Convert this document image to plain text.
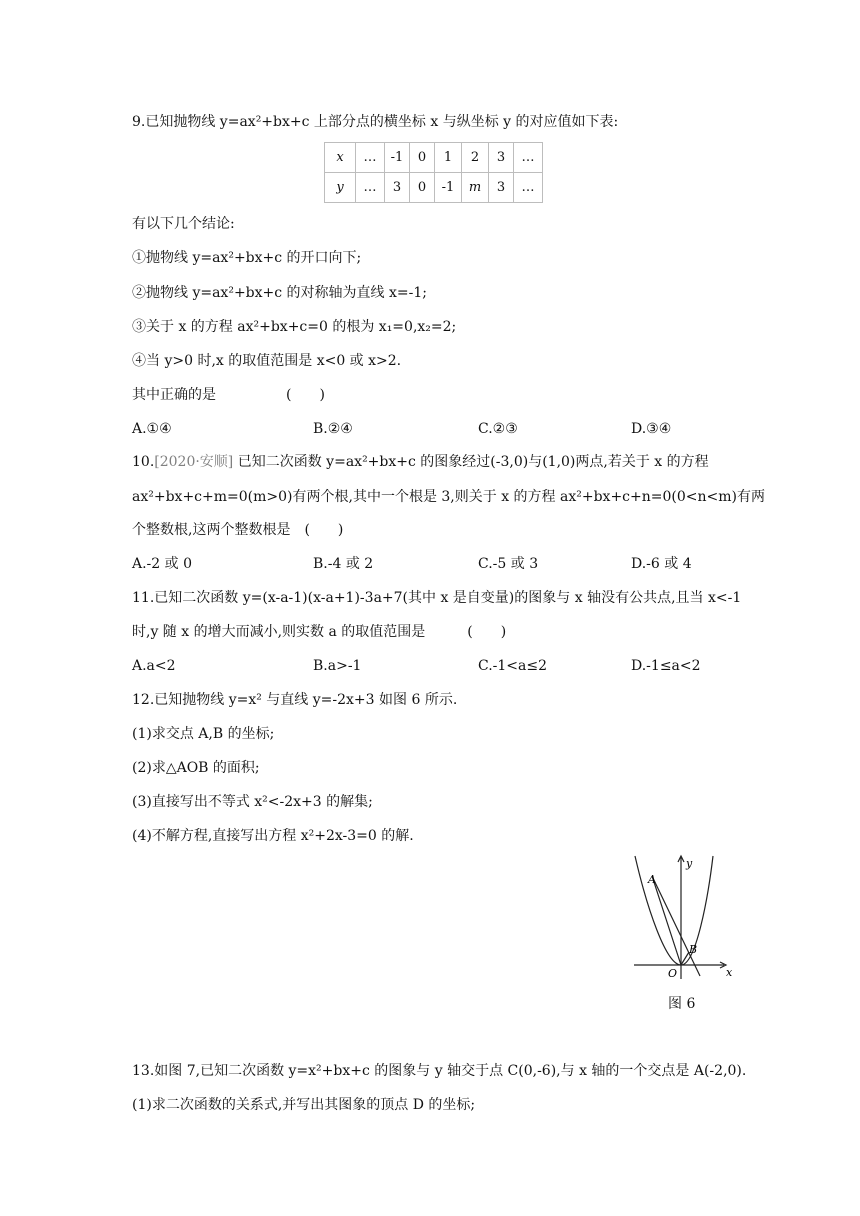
9.已知抛物线 y=ax²+bx+c 上部分点的横坐标 x 与纵坐标 y 的对应值如下表:
x	…	-1	0	1	2	3	…
y	…	3	0	-1	m	3	…
有以下几个结论:
①抛物线 y=ax²+bx+c 的开口向下;
②抛物线 y=ax²+bx+c 的对称轴为直线 x=-1;
③关于 x 的方程 ax²+bx+c=0 的根为 x₁=0,x₂=2;
④当 y>0 时,x 的取值范围是 x<0 或 x>2.
其中正确的是　　　　　(　　)
A.①④	B.②④	C.②③	D.③④
10.[2020·安顺] 已知二次函数 y=ax²+bx+c 的图象经过(-3,0)与(1,0)两点,若关于 x 的方程
ax²+bx+c+m=0(m>0)有两个根,其中一个根是 3,则关于 x 的方程 ax²+bx+c+n=0(0<n<m)有两
个整数根,这两个整数根是　(　　)
A.-2 或 0	B.-4 或 2	C.-5 或 3	D.-6 或 4
11.已知二次函数 y=(x-a-1)(x-a+1)-3a+7(其中 x 是自变量)的图象与 x 轴没有公共点,且当 x<-1
时,y 随 x 的增大而减小,则实数 a 的取值范围是　　　(　　)
A.a<2	B.a>-1	C.-1<a≤2	D.-1≤a<2
12.已知抛物线 y=x² 与直线 y=-2x+3 如图 6 所示.
(1)求交点 A,B 的坐标;
(2)求△AOB 的面积;
(3)直接写出不等式 x²<-2x+3 的解集;
(4)不解方程,直接写出方程 x²+2x-3=0 的解.
A
B
O	x
y
图 6
13.如图 7,已知二次函数 y=x²+bx+c 的图象与 y 轴交于点 C(0,-6),与 x 轴的一个交点是 A(-2,0).
(1)求二次函数的关系式,并写出其图象的顶点 D 的坐标;
